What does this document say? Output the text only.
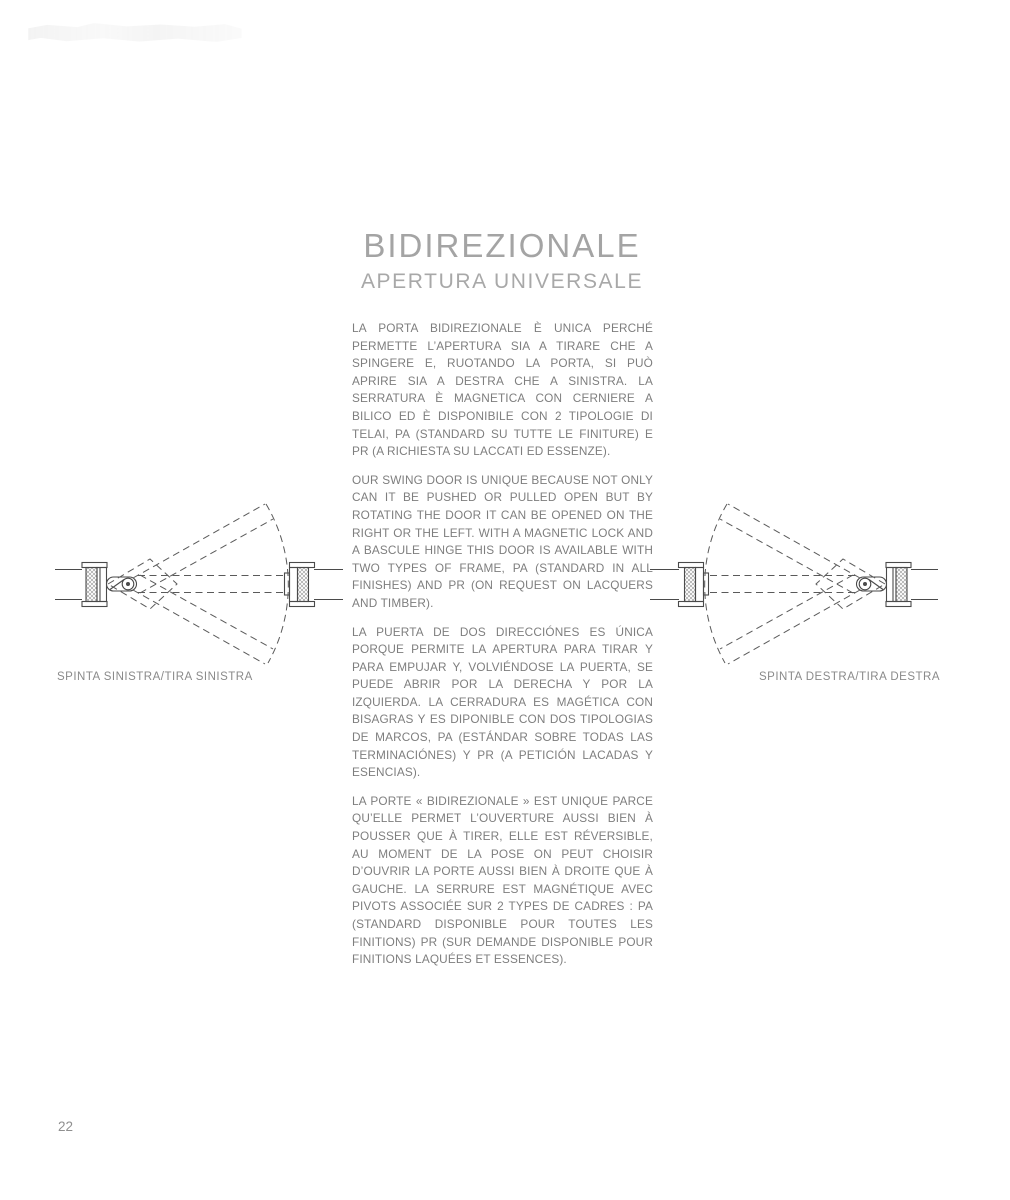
BIDIREZIONALE
APERTURA UNIVERSALE

LA PORTA BIDIREZIONALE È UNICA PERCHÉ PERMETTE L’APERTURA SIA A TIRARE CHE A SPINGERE E, RUOTANDO LA PORTA, SI PUÒ APRIRE SIA A DESTRA CHE A SINISTRA. LA SERRATURA È MAGNETICA CON CERNIERE A BILICO ED È DISPONIBILE CON 2 TIPOLOGIE DI TELAI, PA (STANDARD SU TUTTE LE FINITURE) E PR (A RICHIESTA SU LACCATI ED ESSENZE).

OUR SWING DOOR IS UNIQUE BECAUSE NOT ONLY CAN IT BE PUSHED OR PULLED OPEN BUT BY ROTATING THE DOOR IT CAN BE OPENED ON THE RIGHT OR THE LEFT. WITH A MAGNETIC LOCK AND A BASCULE HINGE THIS DOOR IS AVAILABLE WITH TWO TYPES OF FRAME, PA (STANDARD IN ALL FINISHES) AND PR (ON REQUEST ON LACQUERS AND TIMBER).

LA PUERTA DE DOS DIRECCIÓNES ES ÚNICA PORQUE PERMITE LA APERTURA PARA TIRAR Y PARA EMPUJAR Y, VOLVIÉNDOSE LA PUERTA, SE PUEDE ABRIR POR LA DERECHA Y POR LA IZQUIERDA. LA CERRADURA ES MAGÉTICA CON BISAGRAS Y ES DIPONIBLE CON DOS TIPOLOGIAS DE MARCOS, PA (ESTÁNDAR SOBRE TODAS LAS TERMINACIÓNES) Y PR (A PETICIÓN LACADAS Y ESENCIAS).

LA PORTE « BIDIREZIONALE » EST UNIQUE PARCE QU’ELLE PERMET L’OUVERTURE AUSSI BIEN À POUSSER QUE À TIRER, ELLE EST RÉVERSIBLE, AU MOMENT DE LA POSE ON PEUT CHOISIR D’OUVRIR LA PORTE AUSSI BIEN À DROITE QUE À GAUCHE. LA SERRURE EST MAGNÉTIQUE AVEC PIVOTS ASSOCIÉE SUR 2 TYPES DE CADRES : PA (STANDARD DISPONIBLE POUR TOUTES LES FINITIONS) PR (SUR DEMANDE DISPONIBLE POUR FINITIONS LAQUÉES ET ESSENCES).

SPINTA SINISTRA/TIRA SINISTRA	SPINTA DESTRA/TIRA DESTRA
22
